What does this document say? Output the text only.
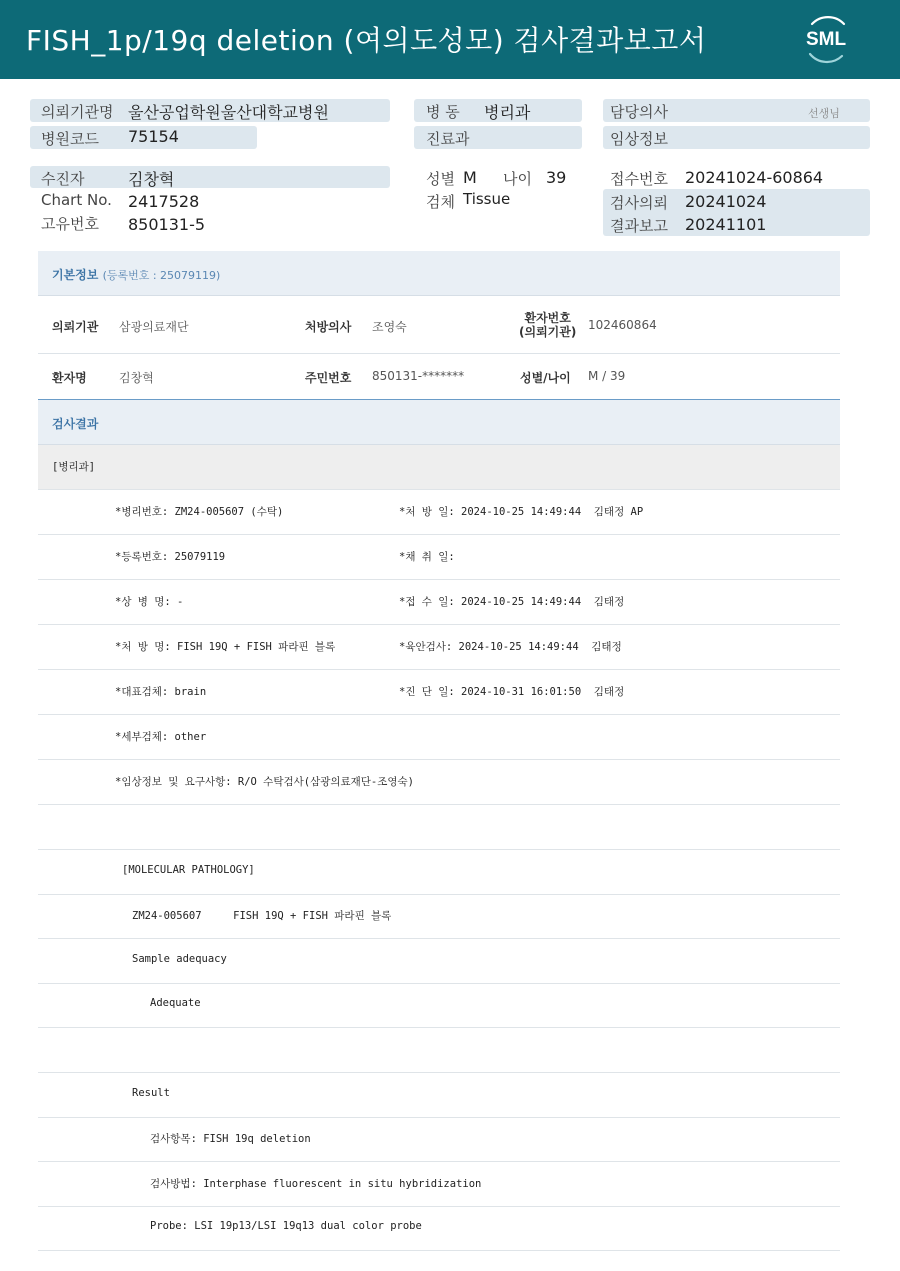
FISH_1p/19q deletion (여의도성모) 검사결과보고서	SML
의뢰기관명 울산공업학원울산대학교병원
병원코드 75154
병 동 병리과
진료과
담당의사	선생님
임상정보
수진자	김창혁
Chart No. 2417528
고유번호 850131-5
성별 M 나이 39
검체 Tissue
접수번호 20241024-60864
검사의뢰 20241024
결과보고 20241101
기본정보 (등록번호 : 25079119)
의뢰기관 삼광의료재단	처방의사 조영숙
환자번호
(의뢰기관) 102460864
환자명	김창혁	주민번호 850131-*******	성별/나이 M / 39
검사결과
[병리과]
*병리번호: ZM24-005607 (수탁)	*처 방 일: 2024-10-25 14:49:44  김태정 AP
*등록번호: 25079119	*채 취 일:
*상 병 명: -	*접 수 일: 2024-10-25 14:49:44  김태정
*처 방 명: FISH 19Q + FISH 파라핀 블록	*육안검사: 2024-10-25 14:49:44  김태정
*대표검체: brain	*진 단 일: 2024-10-31 16:01:50  김태정
*세부검체: other
*임상정보 및 요구사항: R/O 수탁검사(삼광의료재단-조영숙)
[MOLECULAR PATHOLOGY]
ZM24-005607     FISH 19Q + FISH 파라핀 블록
Sample adequacy
Adequate
Result
검사항목: FISH 19q deletion
검사방법: Interphase fluorescent in situ hybridization
Probe: LSI 19p13/LSI 19q13 dual color probe
